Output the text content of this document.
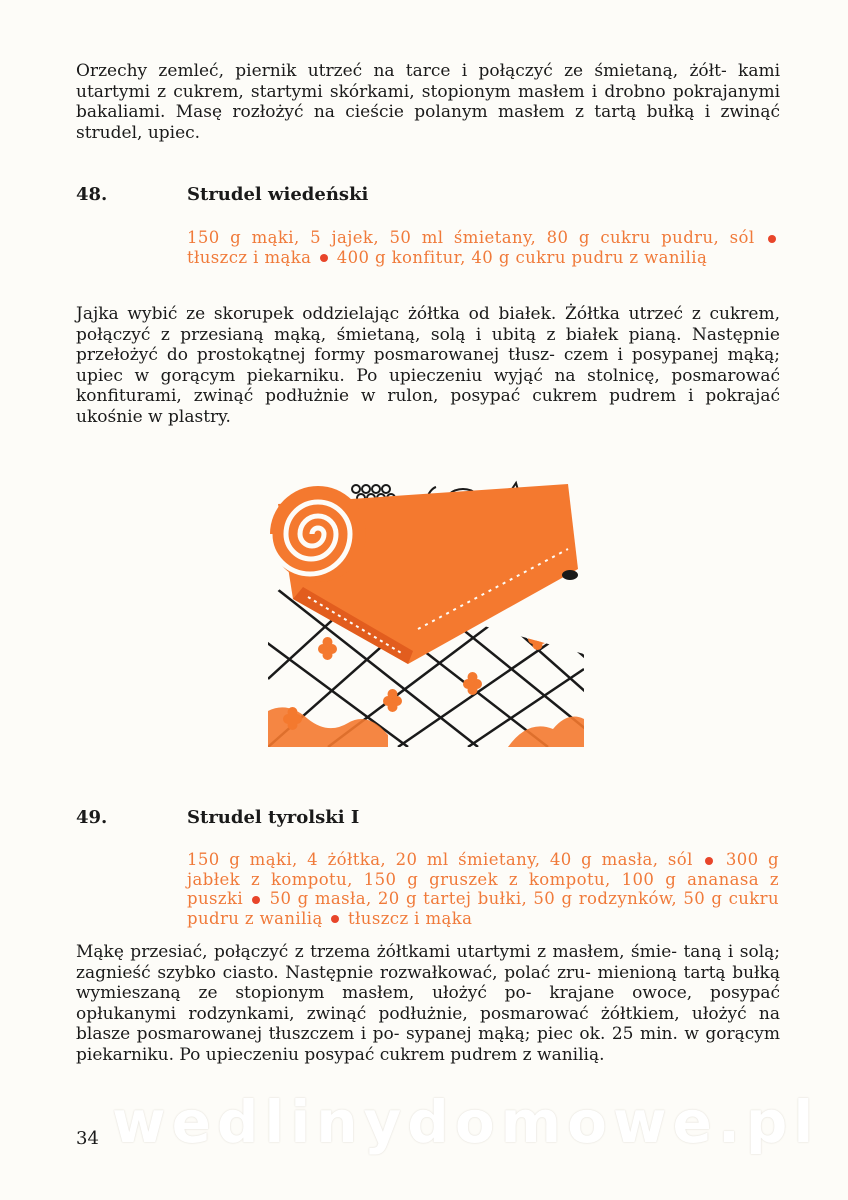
Orzechy zemleć, piernik utrzeć na tarce i połączyć ze śmietaną, żółt- kami utartymi z cukrem, startymi skórkami, stopionym masłem i drobno pokrajanymi bakaliami. Masę rozłożyć na cieście polanym masłem z tartą bułką i zwinąć strudel, upiec.

48.	Strudel wiedeński

150 g mąki, 5 jajek, 50 ml śmietany, 80 g cukru pudru, sól  tłuszcz i mąka 400 g konfitur, 40 g cukru pudru z wanilią

Jajka wybić ze skorupek oddzielając żółtka od białek. Żółtka utrzeć z cukrem, połączyć z przesianą mąką, śmietaną, solą i ubitą z białek pianą. Następnie przełożyć do prostokątnej formy posmarowanej tłusz- czem i posypanej mąką; upiec w gorącym piekarniku. Po upieczeniu wyjąć na stolnicę, posmarować konfiturami, zwinąć podłużnie w rulon, posypać cukrem pudrem i pokrajać ukośnie w plastry.

49.	Strudel tyrolski I

150 g mąki, 4 żółtka, 20 ml śmietany, 40 g masła, sól 300 g jabłek z kompotu, 150 g gruszek z kompotu, 100 g ananasa z puszki 50 g masła, 20 g tartej bułki, 50 g rodzynków, 50 g cukru pudru z wanilią tłuszcz i mąka

Mąkę przesiać, połączyć z trzema żółtkami utartymi z masłem, śmie- taną i solą; zagnieść szybko ciasto. Następnie rozwałkować, polać zru- mienioną tartą bułką wymieszaną ze stopionym masłem, ułożyć po- krajane owoce, posypać opłukanymi rodzynkami, zwinąć podłużnie, posmarować żółtkiem, ułożyć na blasze posmarowanej tłuszczem i po- sypanej mąką; piec ok. 25 min. w gorącym piekarniku. Po upieczeniu posypać cukrem pudrem z wanilią.

wedlinydomowe.pl
34
